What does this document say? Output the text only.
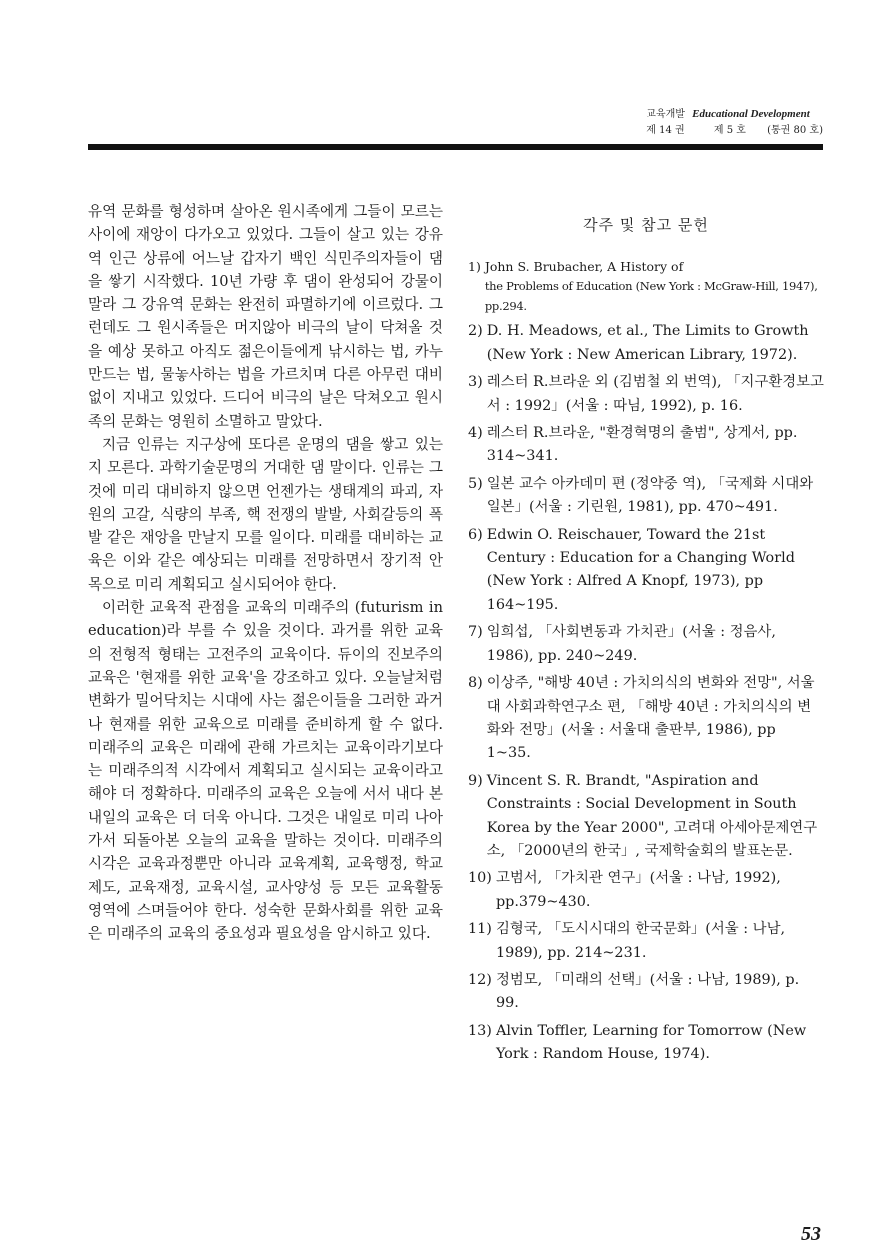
교육개발 Educational Development
제 14 권	제 5 호 (통권 80 호)

유역 문화를 형성하며 살아온 원시족에게 그들이 모르는 사이에 재앙이 다가오고 있었다. 그들이 살고 있는 강유역 인근 상류에 어느날 갑자기 백인 식민주의자들이 댐을 쌓기 시작했다. 10년 가량 후 댐이 완성되어 강물이 말라 그 강유역 문화는 완전히 파멸하기에 이르렀다. 그런데도 그 원시족들은 머지않아 비극의 날이 닥쳐올 것을 예상 못하고 아직도 젊은이들에게 낚시하는 법, 카누 만드는 법, 물놓사하는 법을 가르치며 다른 아무런 대비없이 지내고 있었다. 드디어 비극의 날은 닥쳐오고 원시족의 문화는 영원히 소멸하고 말았다.

지금 인류는 지구상에 또다른 운명의 댐을 쌓고 있는지 모른다. 과학기술문명의 거대한 댐 말이다. 인류는 그것에 미리 대비하지 않으면 언젠가는 생태계의 파괴, 자원의 고갈, 식량의 부족, 핵 전쟁의 발발, 사회갈등의 폭발 같은 재앙을 만날지 모를 일이다. 미래를 대비하는 교육은 이와 같은 예상되는 미래를 전망하면서 장기적 안목으로 미리 계획되고 실시되어야 한다.

이러한 교육적 관점을 교육의 미래주의 (futurism in education)라 부를 수 있을 것이다. 과거를 위한 교육의 전형적 형태는 고전주의 교육이다. 듀이의 진보주의 교육은 '현재를 위한 교육'을 강조하고 있다. 오늘날처럼 변화가 밀어닥치는 시대에 사는 젊은이들을 그러한 과거나 현재를 위한 교육으로 미래를 준비하게 할 수 없다. 미래주의 교육은 미래에 관해 가르치는 교육이라기보다는 미래주의적 시각에서 계획되고 실시되는 교육이라고 해야 더 정확하다. 미래주의 교육은 오늘에 서서 내다 본 내일의 교육은 더 더욱 아니다. 그것은 내일로 미리 나아가서 되돌아본 오늘의 교육을 말하는 것이다. 미래주의 시각은 교육과정뿐만 아니라 교육계획, 교육행정, 학교제도, 교육재정, 교육시설, 교사양성 등 모든 교육활동 영역에 스며들어야 한다. 성숙한 문화사회를 위한 교육은 미래주의 교육의 중요성과 필요성을 암시하고 있다.

각주 및 참고 문헌
1) John S. Brubacher, A History of
the Problems of Education (New York : McGraw-Hill, 1947), pp.294.
2) D. H. Meadows, et al., The Limits to Growth (New York : New American Library, 1972).
3) 레스터 R.브라운 외 (김범철 외 번역), 「지구환경보고서 : 1992」(서울 : 따님, 1992), p. 16.
4) 레스터 R.브라운, "환경혁명의 출범", 상게서, pp. 314~341.
5) 일본 교수 아카데미 편 (정약중 역), 「국제화 시대와 일본」(서울 : 기린원, 1981), pp. 470~491.
6) Edwin O. Reischauer, Toward the 21st Century : Education for a Changing World (New York : Alfred A Knopf, 1973), pp 164~195.
7) 임희섭, 「사회변동과 가치관」(서울 : 정음사, 1986), pp. 240~249.
8) 이상주, "해방 40년 : 가치의식의 변화와 전망", 서울대 사회과학연구소 편, 「해방 40년 : 가치의식의 변화와 전망」(서울 : 서울대 출판부, 1986), pp 1~35.
9) Vincent S. R. Brandt, "Aspiration and Constraints : Social Development in South Korea by the Year 2000", 고려대 아세아문제연구소, 「2000년의 한국」, 국제학술회의 발표논문.
10) 고범서, 「가치관 연구」(서울 : 나남, 1992), pp.379~430.
11) 김형국, 「도시시대의 한국문화」(서울 : 나남, 1989), pp. 214~231.
12) 정범모, 「미래의 선택」(서울 : 나남, 1989), p. 99.
13) Alvin Toffler, Learning for Tomorrow (New York : Random House, 1974).
53
